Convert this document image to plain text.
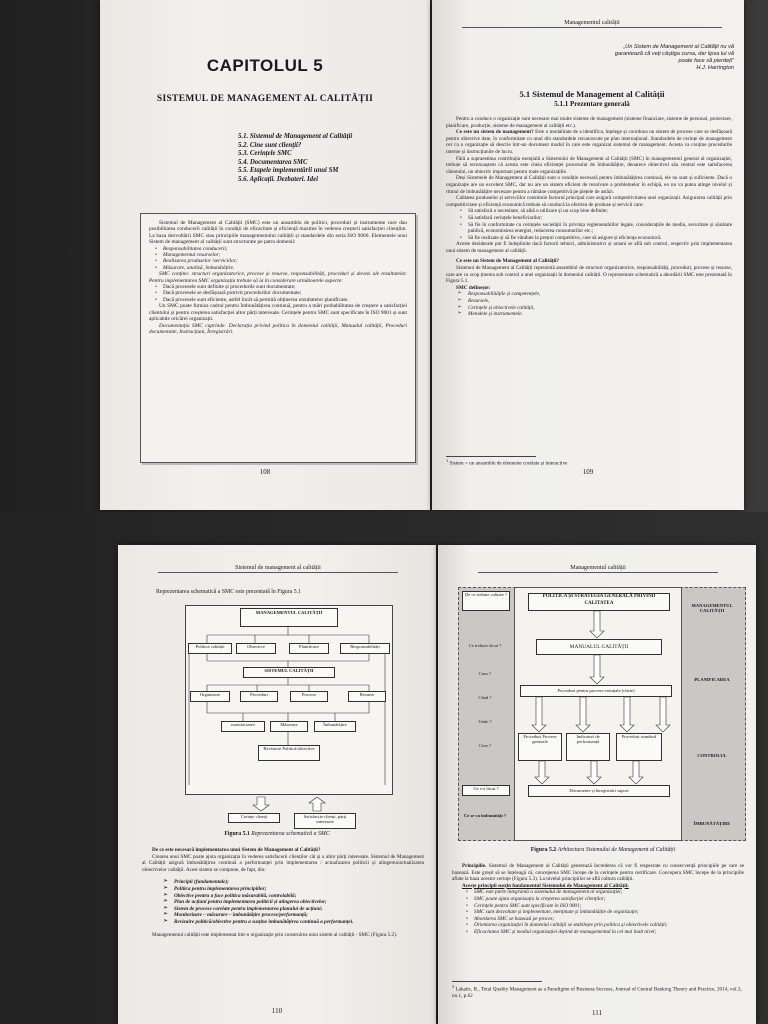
CAPITOLUL 5
SISTEMUL DE MANAGEMENT AL CALITĂȚII
5.1. Sistemul de Management al Calității
5.2. Cine sunt clienții?
5.3. Cerințele SMC
5.4. Documentarea SMC
5.5. Etapele implementării unui SM
5.6. Aplicații. Dezbateri. Idei
Sistemul de Management al Calității (SMC) este un ansamblu de politici, proceduri și instrumente care dau posibilitatea conducerii calității în condiții de eficacitate și eficiență maxime în vederea creșterii satisfacției clienților. La baza dezvoltării SMC stau principiile managementului calității și standardele din seria ISO 9000. Elementele unui Sistem de management al calității sunt structurate pe patru domenii:
• Responsabilitatea conducerii;
• Managementul resurselor;
• Realizarea produselor /serviciilor;
• Măsurare, analiză, îmbunătățire.
SMC conține: structuri organizatorice, procese și resurse, responsabilități, proceduri și dovezi ale rezultatelor. Pentru implementarea SMC organizația trebuie să ia în considerare următoarele aspecte:
• Dacă procesele sunt definite și procedurile sunt documentate;
• Dacă procesele se desfășoară potrivit procedurilor documentate;
• Dacă procesele sunt eficiente, astfel încât să permită obținerea rezultatelor planificate.
Un SMC poate furniza cadrul pentru îmbunătățirea continuă, pentru a mări probabilitatea de creștere a satisfacției clientului și pentru creșterea satisfacției altor părți interesate. Cerințele pentru SMC sunt specificate în ISO 9001 și sunt aplicabile oricărei organizații.
Documentația SMC cuprinde: Declarația privind politica în domeniul calității, Manualul calității, Proceduri documentate, Instrucțiuni, Înregistrări.
108
Managementul calității
„Un Sistem de Management al Calității nu vă garantează că veți câștiga cursa, dar lipsa lui vă poate face să pierdeți"
H.J. Harrington
5.1 Sistemul de Management al Calității
5.1.1 Prezentare generală
Pentru a conduce o organizație sunt necesare mai multe sisteme de management (sisteme financiare, sisteme de personal, proiectare, planificare, producție, sisteme de management al calității etc.).
Ce este un sistem de management? Este o modalitate de a identifica, înțelege și coordona un sistem de procese care se desfășoară pentru obiective date, în conformitate cu unul din standardele recunoscute pe plan internațional. Standardele de cerințe de management cer ca o organizație să descrie într-un document modul în care este organizat sistemul de management. Acesta va conține procedurile interne și instrucțiunile de lucru.
Fără a supraestima contribuția esențială a Sistemului de Management al Calității (SMC) în managementul general al organizației, trebuie să recunoaștem că acesta este cheia eficienței procesului de îmbunătățire, deoarece obiectivul său central este satisfacerea clientului, un obiectiv important pentru toate organizațiile.
Deși Sistemele de Management al Calității sunt o condiție necesară pentru îmbunătățirea continuă, ele nu sunt și suficiente. Dacă o organizație are un excelent SMC, dar nu are un sistem eficient de rezolvare a problemelor în echipă, eo nu va putea atinge nivelul și ritmul de îmbunătățire necesare pentru a rămâne competitivă pe piețele de astăzi.
Calitatea produselor și serviciilor constituie factorul principal care asigură competitivitatea unei organizații. Asigurarea calității prin competitivitate și eficiență economică trebuie să conducă la oferirea de produse și servicii care:
• Să satisfacă o necesitate, să aibă o utilizare și un scop bine definite;
• Să satisfacă cerințele beneficiarilor;
• Să fie în conformitate cu cerințele societății în privința reglementărilor legale, considerațiile de mediu, securitate și sănătate publică, economisirea energiei, reducerea consumurilor etc.;
• Să fie realizate și să fie vândute la prețuri competitive, care să asigure și eficiența economică.
Aceste deziderate pot fi îndeplinite dacă factorii tehnici, administrativi și umani se află sub control, respectiv prin implementarea unui sistem de management al calității.
Ce este un Sistem de Management al Calității?
Sistemul de Management al Calității reprezintă ansamblul de structuri organizatorice, responsabilități, proceduri, procese și resurse, care are ca scop ținerea sub control a unei organizații în domeniul calității. O reprezentare schematică a abordării SMC este prezentată în Figura 5.1.
SMC definește:
➢ Responsabilitățile și competențele,
➢ Resursele,
➢ Cerințele și obiectivele calității,
➢ Metodele și instrumentele.
$^1$ Sistem = un ansamblu de elemente corelate și interactive
109
Sistemul de management al calității
Reprezentarea schematică a SMC este prezentată în Figura 5.1
MANAGEMENTUL CALITĂȚII
Politica calității	Obiective	Planificare	Responsabilități
SISTEMUL CALITĂȚII
Organizare	Proceduri	Procese	Resurse
monitorizare	Măsurare	Îmbunătățire
Revizuire Politică/obiective
Cerințe clienți	Satisfacție clienți, părți interesate
Figura 5.1 Reprezentarea schematică a SMC
De ce este necesară implementarea unui Sistem de Management al Calității?
Crearea unui SMC poate ajuta organizația în vederea satisfacerii clienților cât și a altor părți interesate. Sistemul de Management al Calității asigură îmbunătățirea continuă a performanței prin implementarea / actualizarea politicii și atingerea/actualizarea obiectivelor calității. Acest sistem se compune, de fapt, din:
➢ Principii (fundamentale);
➢ Politica pentru implementarea principiilor;
➢ Obiective pentru a face politica măsurabilă, controlabilă;
➢ Plan de acțiuni pentru implementarea politicii și atingerea obiectivelor;
➢ Sistem de procese corelate pentru implementarea planului de acțiuni;
➢ Monitorizare – măsurare – îmbunătățire procese/performanță;
➢ Revizuire politică/obiective pentru a susține îmbunătățirea continuă a performanței.
Managementul calității este implementat într-o organizație prin construirea unui sistem al calității - SMC (Figura 5.2).
110
Managementul calității
De ce trebuie calitate ?
Ce trebuie făcut ?
Cum ?
Când ?
Unde ?
Cine ?
Ce s-a făcut ?
Ce se va îmbunătăți ?
POLITICA ȘI STRATEGIA GENERALĂ PRIVIND CALITATEA
MANUALUL CALITĂȚII
Proceduri pentru procese esențiale (cheie)
Proceduri Procese generale
Indicatori de performanță
Proceduri standard
Documente și înregistrări suport
MANAGEMENTUL CALITĂȚII
PLANIFICAREA
CONTROLUL
ÎMBUNĂTĂȚIRE
Figura 5.2 Arhitectura Sistemului de Management al Calității
Principiile. Sistemul de Management al Calității generează încrederea că vor fi respectate cu consecvență principiile pe care se bazează. Este greșit să se înțeleagă că, conceperea SMC începe de la cerințele pentru certificare. Concepera SMC începe de la principiile aflate la baza acestor cerințe (Figura 5.3). La nivelul principiilor se află cultura calității.
Acesțe principii susțin fundamentul Sistemului de Management al Calității:
• SMC este parte integrantă a sistemului de management al organizației;
• SMC poate ajuta organizația la creșterea satisfacției clienților;
• Cerințele pentru SMC sunt specificate în ISO 9001;
• SMC sunt dezvoltate și implementate, menținute și îmbunătățite de organizație;
• Abordarea SMC se bazează pe proces;
• Orientarea organizației în domeniul calității se stabilește prin politica și obiectivele calității;
• Eficacitatea SMC și mediul organizației depind de managementul la cel mai înalt nivel;
$^3$ Lakatic, R., Total Quality Management as a Paradigme of Business Success, Journal of Central Banking Theory and Practice, 2014, vol.3, no.1, p.62
111
